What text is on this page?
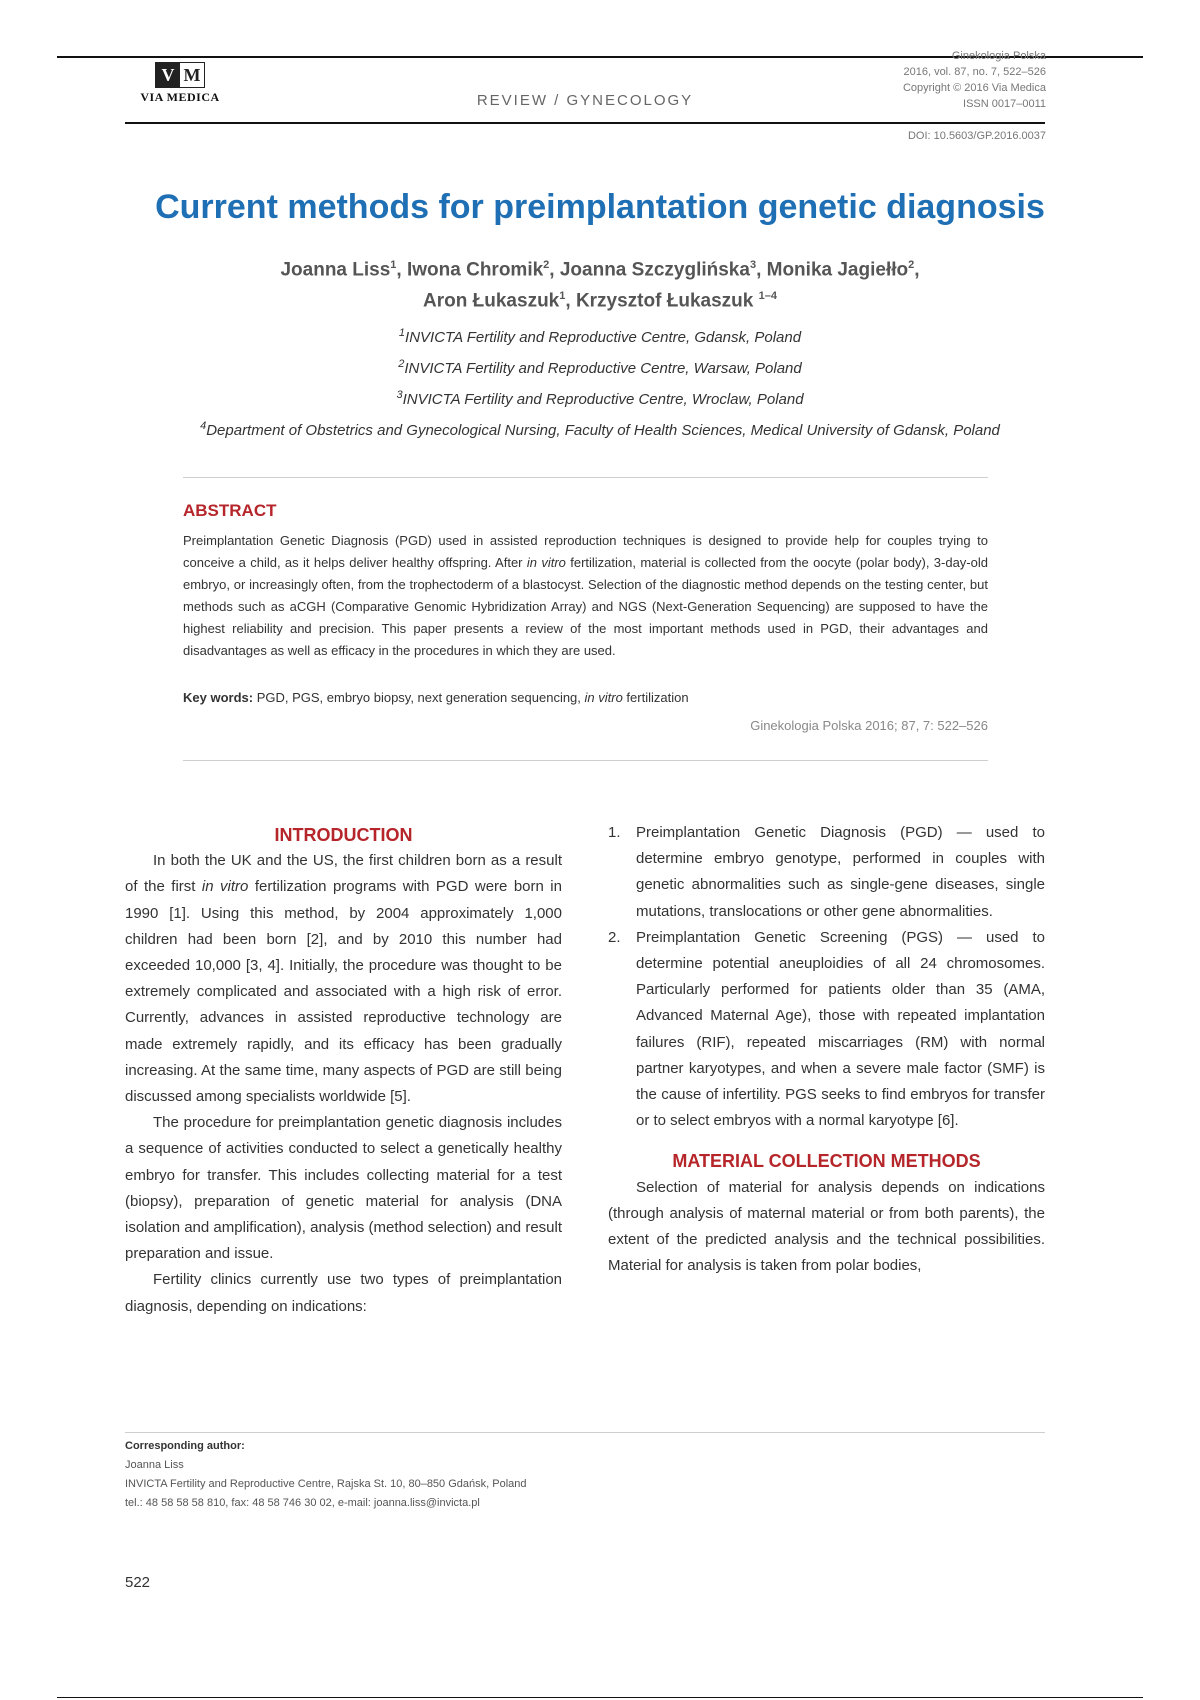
V M
VIA MEDICA	REVIEW / GYNECOLOGY
Ginekologia Polska
2016, vol. 87, no. 7, 522–526
Copyright © 2016 Via Medica
ISSN 0017–0011
DOI: 10.5603/GP.2016.0037
Current methods for preimplantation genetic diagnosis
Joanna Liss$^1$, Iwona Chromik$^2$, Joanna Szczyglińska$^3$, Monika Jagiełło$^2$,
Aron Łukaszuk$^1$, Krzysztof Łukaszuk $^{1-4}$
$^1$INVICTA Fertility and Reproductive Centre, Gdansk, Poland
$^2$INVICTA Fertility and Reproductive Centre, Warsaw, Poland
$^3$INVICTA Fertility and Reproductive Centre, Wroclaw, Poland
$^4$Department of Obstetrics and Gynecological Nursing, Faculty of Health Sciences, Medical University of Gdansk, Poland
ABSTRACT
Preimplantation Genetic Diagnosis (PGD) used in assisted reproduction techniques is designed to provide help for couples trying to conceive a child, as it helps deliver healthy offspring. After in vitro fertilization, material is collected from the oocyte (polar body), 3-day-old embryo, or increasingly often, from the trophectoderm of a blastocyst. Selection of the diagnostic method depends on the testing center, but methods such as aCGH (Comparative Genomic Hybridization Array) and NGS (Next-Generation Sequencing) are supposed to have the highest reliability and precision. This paper presents a review of the most important methods used in PGD, their advantages and disadvantages as well as efficacy in the procedures in which they are used.
Key words: PGD, PGS, embryo biopsy, next generation sequencing, in vitro fertilization
Ginekologia Polska 2016; 87, 7: 522–526
INTRODUCTION

In both the UK and the US, the first children born as a result of the first in vitro fertilization programs with PGD were born in 1990 [1]. Using this method, by 2004 approximately 1,000 children had been born [2], and by 2010 this number had exceeded 10,000 [3, 4]. Initially, the procedure was thought to be extremely complicated and associated with a high risk of error. Currently, advances in assisted reproductive technology are made extremely rapidly, and its efficacy has been gradually increasing. At the same time, many aspects of PGD are still being discussed among specialists worldwide [5].

The procedure for preimplantation genetic diagnosis includes a sequence of activities conducted to select a genetically healthy embryo for transfer. This includes collecting material for a test (biopsy), preparation of genetic material for analysis (DNA isolation and amplification), analysis (method selection) and result preparation and issue.

Fertility clinics currently use two types of preimplantation diagnosis, depending on indications:

1. Preimplantation Genetic Diagnosis (PGD) — used to determine embryo genotype, performed in couples with genetic abnormalities such as single-gene diseases, single mutations, translocations or other gene abnormalities.
2. Preimplantation Genetic Screening (PGS) — used to determine potential aneuploidies of all 24 chromosomes. Particularly performed for patients older than 35 (AMA, Advanced Maternal Age), those with repeated implantation failures (RIF), repeated miscarriages (RM) with normal partner karyotypes, and when a severe male factor (SMF) is the cause of infertility. PGS seeks to find embryos for transfer or to select embryos with a normal karyotype [6].
MATERIAL COLLECTION METHODS

Selection of material for analysis depends on indications (through analysis of maternal material or from both parents), the extent of the predicted analysis and the technical possibilities. Material for analysis is taken from polar bodies,

Corresponding author:
Joanna Liss
INVICTA Fertility and Reproductive Centre, Rajska St. 10, 80–850 Gdańsk, Poland
tel.: 48 58 58 58 810, fax: 48 58 746 30 02, e-mail: joanna.liss@invicta.pl
522
